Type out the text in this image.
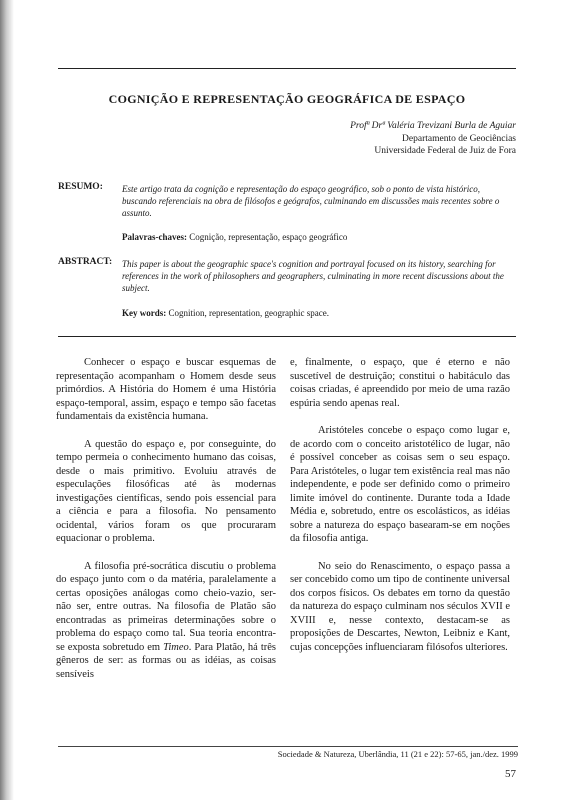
COGNIÇÃO E REPRESENTAÇÃO GEOGRÁFICA DE ESPAÇO
Profª Drª Valéria Trevizani Burla de Aguiar
Departamento de Geociências
Universidade Federal de Juiz de Fora
RESUMO: Este artigo trata da cognição e representação do espaço geográfico, sob o ponto de vista histórico, buscando referenciais na obra de filósofos e geógrafos, culminando em discussões mais recentes sobre o assunto.
Palavras-chaves: Cognição, representação, espaço geográfico
ABSTRACT: This paper is about the geographic space's cognition and portrayal focused on its history, searching for references in the work of philosophers and geographers, culminating in more recent discussions about the subject.
Key words: Cognition, representation, geographic space.

Conhecer o espaço e buscar esquemas de representação acompanham o Homem desde seus primórdios. A História do Homem é uma História espaço-temporal, assim, espaço e tempo são facetas fundamentais da existência humana.

A questão do espaço e, por conseguinte, do tempo permeia o conhecimento humano das coisas, desde o mais primitivo. Evoluiu através de especulações filosóficas até às modernas investigações científicas, sendo pois essencial para a ciência e para a filosofia. No pensamento ocidental, vários foram os que procuraram equacionar o problema.

A filosofia pré-socrática discutiu o problema do espaço junto com o da matéria, paralelamente a certas oposições análogas como cheio-vazio, ser-não ser, entre outras. Na filosofia de Platão são encontradas as primeiras determinações sobre o problema do espaço como tal. Sua teoria encontra-se exposta sobretudo em Timeo. Para Platão, há três gêneros de ser: as formas ou as idéias, as coisas sensíveis

e, finalmente, o espaço, que é eterno e não suscetível de destruição; constitui o habitáculo das coisas criadas, é apreendido por meio de uma razão espúria sendo apenas real.

Aristóteles concebe o espaço como lugar e, de acordo com o conceito aristotélico de lugar, não é possível conceber as coisas sem o seu espaço. Para Aristóteles, o lugar tem existência real mas não independente, e pode ser definido como o primeiro limite imóvel do continente. Durante toda a Idade Média e, sobretudo, entre os escolásticos, as idéias sobre a natureza do espaço basearam-se em noções da filosofia antiga.

No seio do Renascimento, o espaço passa a ser concebido como um tipo de continente universal dos corpos físicos. Os debates em torno da questão da natureza do espaço culminam nos séculos XVII e XVIII e, nesse contexto, destacam-se as proposições de Descartes, Newton, Leibniz e Kant, cujas concepções influenciaram filósofos ulteriores.

Sociedade & Natureza, Uberlândia, 11 (21 e 22): 57-65, jan./dez. 1999
57
